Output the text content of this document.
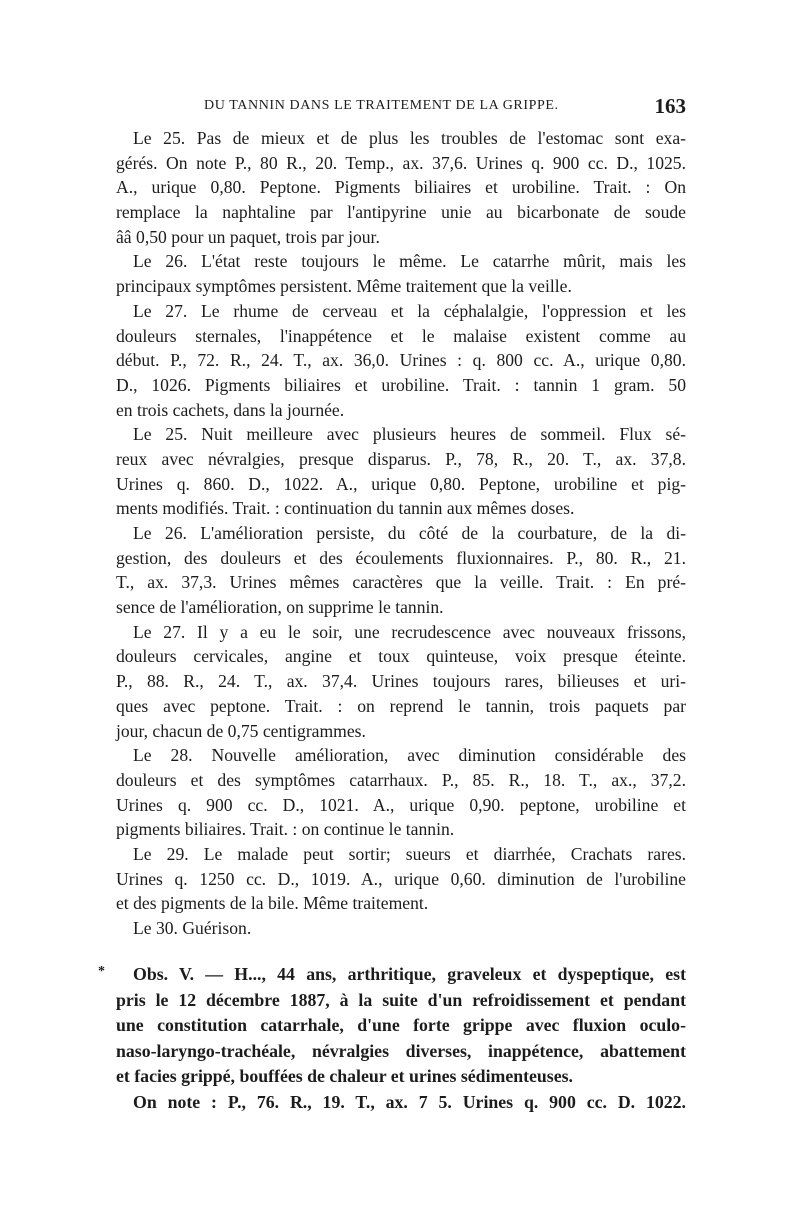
DU TANNIN DANS LE TRAITEMENT DE LA GRIPPE.	163
Le 25. Pas de mieux et de plus les troubles de l'estomac sont exa-
gérés. On note P., 80 R., 20. Temp., ax. 37,6. Urines q. 900 cc. D., 1025.
A., urique 0,80. Peptone. Pigments biliaires et urobiline. Trait. : On
remplace la naphtaline par l'antipyrine unie au bicarbonate de soude
ââ 0,50 pour un paquet, trois par jour.
Le 26. L'état reste toujours le même. Le catarrhe mûrit, mais les
principaux symptômes persistent. Même traitement que la veille.
Le 27. Le rhume de cerveau et la céphalalgie, l'oppression et les
douleurs sternales, l'inappétence et le malaise existent comme au
début. P., 72. R., 24. T., ax. 36,0. Urines : q. 800 cc. A., urique 0,80.
D., 1026. Pigments biliaires et urobiline. Trait. : tannin 1 gram. 50
en trois cachets, dans la journée.
Le 25. Nuit meilleure avec plusieurs heures de sommeil. Flux sé-
reux avec névralgies, presque disparus. P., 78, R., 20. T., ax. 37,8.
Urines q. 860. D., 1022. A., urique 0,80. Peptone, urobiline et pig-
ments modifiés. Trait. : continuation du tannin aux mêmes doses.
Le 26. L'amélioration persiste, du côté de la courbature, de la di-
gestion, des douleurs et des écoulements fluxionnaires. P., 80. R., 21.
T., ax. 37,3. Urines mêmes caractères que la veille. Trait. : En pré-
sence de l'amélioration, on supprime le tannin.
Le 27. Il y a eu le soir, une recrudescence avec nouveaux frissons,
douleurs cervicales, angine et toux quinteuse, voix presque éteinte.
P., 88. R., 24. T., ax. 37,4. Urines toujours rares, bilieuses et uri-
ques avec peptone. Trait. : on reprend le tannin, trois paquets par
jour, chacun de 0,75 centigrammes.
Le 28. Nouvelle amélioration, avec diminution considérable des
douleurs et des symptômes catarrhaux. P., 85. R., 18. T., ax., 37,2.
Urines q. 900 cc. D., 1021. A., urique 0,90. peptone, urobiline et
pigments biliaires. Trait. : on continue le tannin.
Le 29. Le malade peut sortir; sueurs et diarrhée, Crachats rares.
Urines q. 1250 cc. D., 1019. A., urique 0,60. diminution de l'urobiline
et des pigments de la bile. Même traitement.
Le 30. Guérison.
*	Obs. V. — H..., 44 ans, arthritique, graveleux et dyspeptique, est
pris le 12 décembre 1887, à la suite d'un refroidissement et pendant
une constitution catarrhale, d'une forte grippe avec fluxion oculo-
naso-laryngo-trachéale, névralgies diverses, inappétence, abattement
et facies grippé, bouffées de chaleur et urines sédimenteuses.
On note : P., 76. R., 19. T., ax. 7 5. Urines q. 900 cc. D. 1022.
